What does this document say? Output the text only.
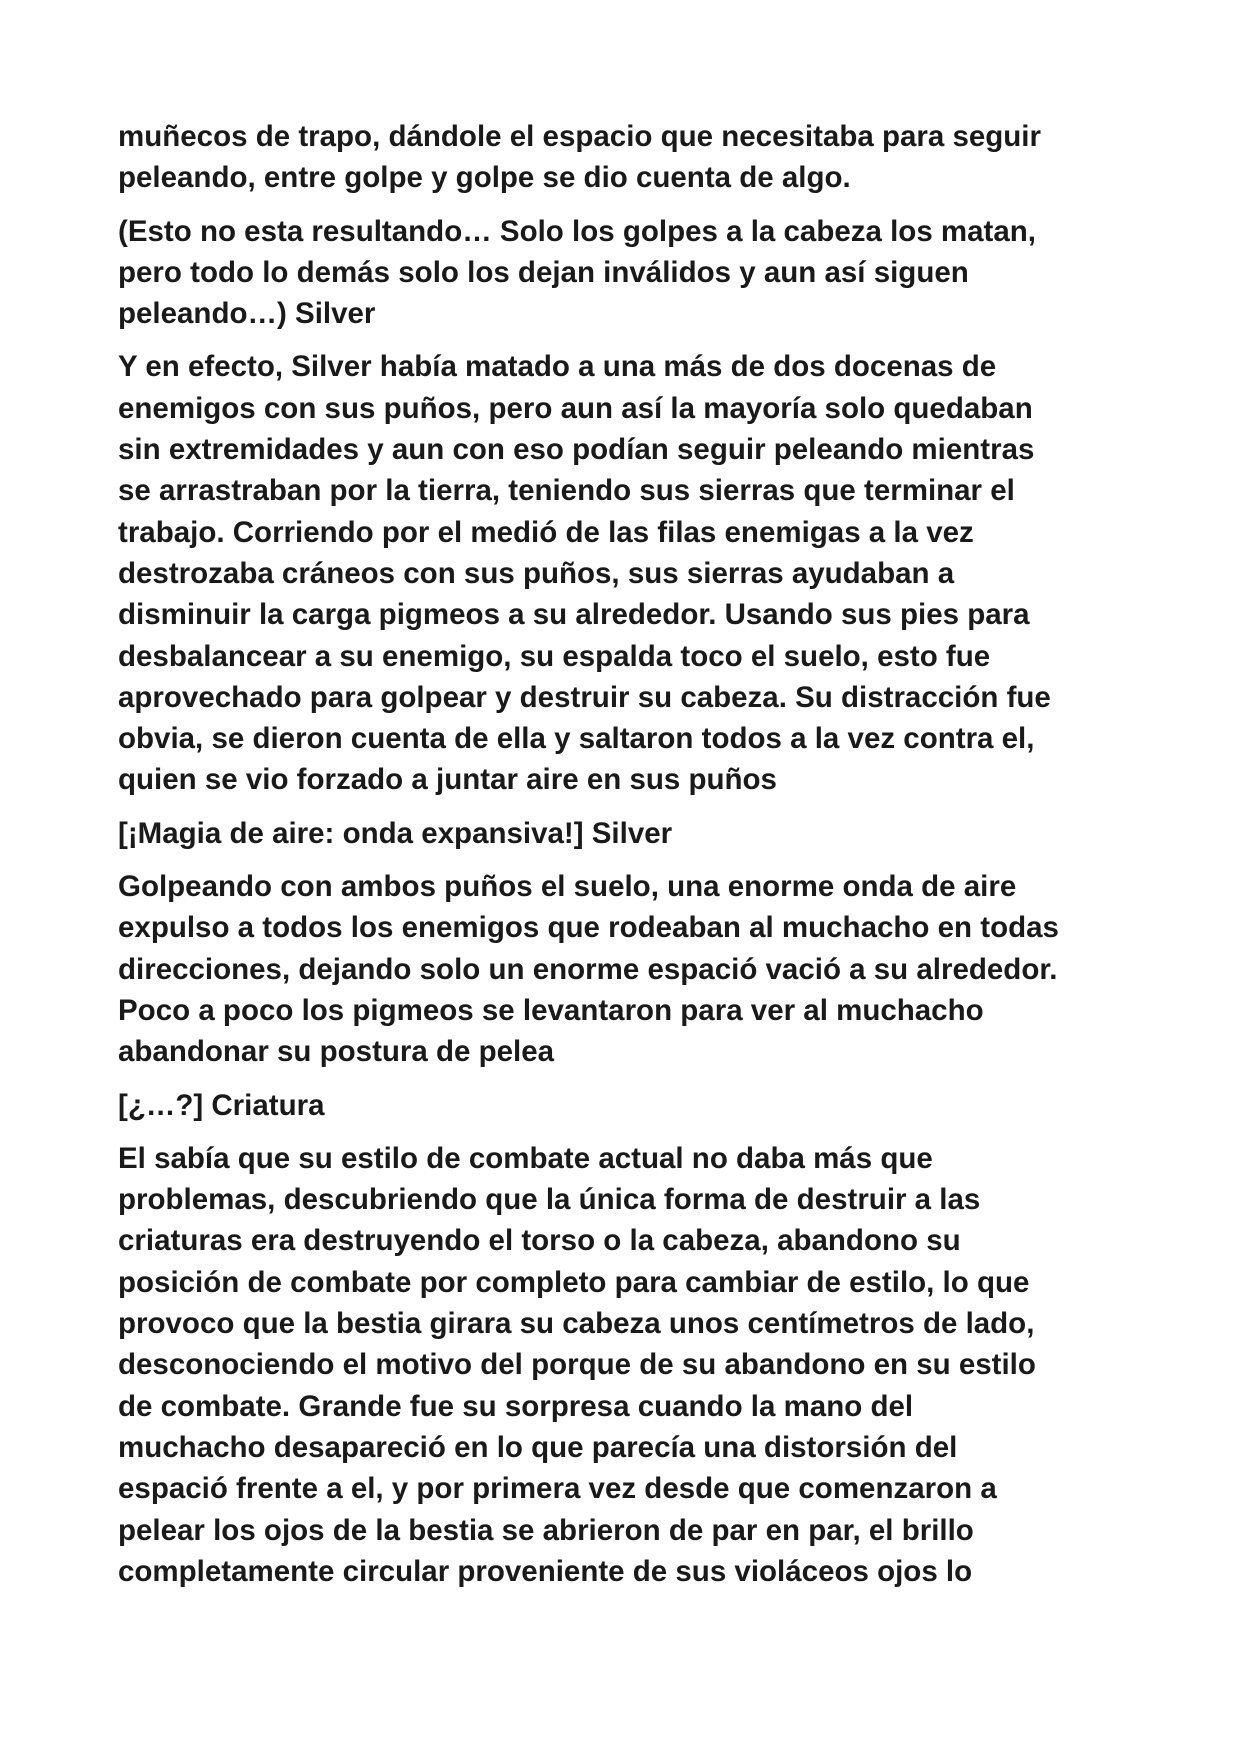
muñecos de trapo, dándole el espacio que necesitaba para seguir
peleando, entre golpe y golpe se dio cuenta de algo.
(Esto no esta resultando… Solo los golpes a la cabeza los matan,
pero todo lo demás solo los dejan inválidos y aun así siguen
peleando…) Silver
Y en efecto, Silver había matado a una más de dos docenas de
enemigos con sus puños, pero aun así la mayoría solo quedaban
sin extremidades y aun con eso podían seguir peleando mientras
se arrastraban por la tierra, teniendo sus sierras que terminar el
trabajo. Corriendo por el medió de las filas enemigas a la vez
destrozaba cráneos con sus puños, sus sierras ayudaban a
disminuir la carga pigmeos a su alrededor. Usando sus pies para
desbalancear a su enemigo, su espalda toco el suelo, esto fue
aprovechado para golpear y destruir su cabeza. Su distracción fue
obvia, se dieron cuenta de ella y saltaron todos a la vez contra el,
quien se vio forzado a juntar aire en sus puños
[¡Magia de aire: onda expansiva!] Silver
Golpeando con ambos puños el suelo, una enorme onda de aire
expulso a todos los enemigos que rodeaban al muchacho en todas
direcciones, dejando solo un enorme espació vació a su alrededor.
Poco a poco los pigmeos se levantaron para ver al muchacho
abandonar su postura de pelea
[¿…?] Criatura
El sabía que su estilo de combate actual no daba más que
problemas, descubriendo que la única forma de destruir a las
criaturas era destruyendo el torso o la cabeza, abandono su
posición de combate por completo para cambiar de estilo, lo que
provoco que la bestia girara su cabeza unos centímetros de lado,
desconociendo el motivo del porque de su abandono en su estilo
de combate. Grande fue su sorpresa cuando la mano del
muchacho desapareció en lo que parecía una distorsión del
espació frente a el, y por primera vez desde que comenzaron a
pelear los ojos de la bestia se abrieron de par en par, el brillo
completamente circular proveniente de sus violáceos ojos lo
